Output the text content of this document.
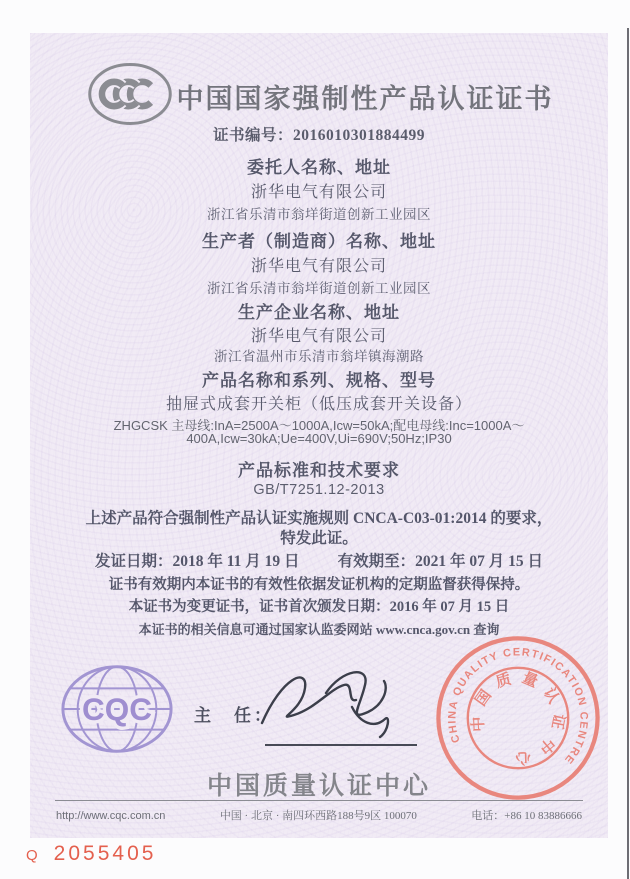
中国国家强制性产品认证证书
证书编号：2016010301884499
委托人名称、地址
浙华电气有限公司
浙江省乐清市翁垟街道创新工业园区
生产者（制造商）名称、地址
浙华电气有限公司
浙江省乐清市翁垟街道创新工业园区
生产企业名称、地址
浙华电气有限公司
浙江省温州市乐清市翁垟镇海潮路
产品名称和系列、规格、型号
抽屉式成套开关柜（低压成套开关设备）
ZHGCSK 主母线:InA=2500A～1000A,Icw=50kA;配电母线:Inc=1000A～
400A,Icw=30kA;Ue=400V,Ui=690V;50Hz;IP30
产品标准和技术要求
GB/T7251.12-2013
上述产品符合强制性产品认证实施规则 CNCA-C03-01:2014 的要求，
特发此证。
发证日期：2018 年 11 月 19 日 有效期至：2021 年 07 月 15 日
证书有效期内本证书的有效性依据发证机构的定期监督获得保持。
本证书为变更证书，证书首次颁发日期：2016 年 07 月 15 日
本证书的相关信息可通过国家认监委网站 www.cnca.gov.cn 查询
CQC 主　任：
CHINA QUALITY CERTIFICATION CENTRE
中国质量认证中心
中国质量认证中心
http://www.cqc.com.cn	中国 · 北京 · 南四环西路188号9区 100070	电话：+86 10 83886666
Q 2055405
